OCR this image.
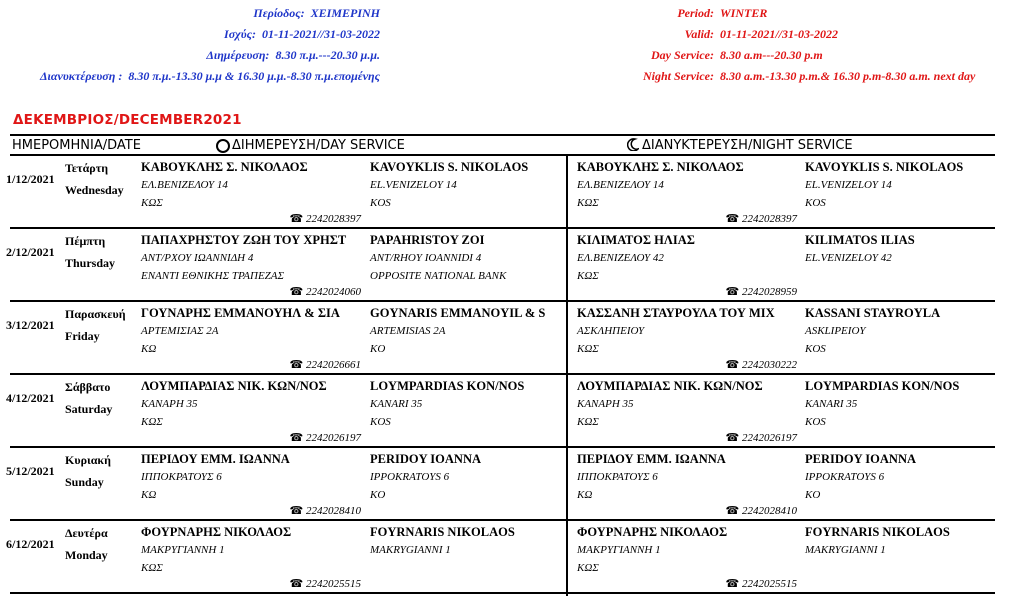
Περίοδος: ΧΕΙΜΕΡΙΝΗ
Ισχύς: 01-11-2021//31-03-2022
Διημέρευση: 8.30 π.μ.---20.30 μ.μ.
Διανυκτέρευση : 8.30 π.μ.-13.30 μ.μ & 16.30 μ.μ.-8.30 π.μ.επομένης
Period: WINTER
Valid: 01-11-2021//31-03-2022
Day Service: 8.30 a.m---20.30 p.m
Night Service: 8.30 a.m.-13.30 p.m.& 16.30 p.m-8.30 a.m. next day
ΔΕΚΕΜΒΡΙΟΣ/DECEMBER2021
ΗΜΕΡΟΜΗΝΙΑ/DATE	ΔΙΗΜΕΡΕΥΣΗ/DAY SERVICE	ΔΙΑΝΥΚΤΕΡΕΥΣΗ/NIGHT SERVICE
1/12/2021
Τετάρτη
Wednesday
ΚΑΒΟΥΚΛΗΣ Σ. ΝΙΚΟΛΑΟΣ
ΕΛ.ΒΕΝΙΖΕΛΟΥ 14
ΚΩΣ
KAVOYKLIS S. NIKOLAOS
EL.VENIZELOY 14
KOS
☎ 2242028397
ΚΑΒΟΥΚΛΗΣ Σ. ΝΙΚΟΛΑΟΣ
ΕΛ.ΒΕΝΙΖΕΛΟΥ 14
ΚΩΣ
KAVOYKLIS S. NIKOLAOS
EL.VENIZELOY 14
KOS
☎ 2242028397
2/12/2021
Πέμπτη
Thursday
ΠΑΠΑΧΡΗΣΤΟΥ ΖΩΗ ΤΟΥ ΧΡΗΣΤ
ΑΝΤ/ΡΧΟΥ ΙΩΑΝΝΙΔΗ 4
ΕΝΑΝΤΙ ΕΘΝΙΚΗΣ ΤΡΑΠΕΖΑΣ
PAPAHRISTOY ZOI
ANT/RHOY IOANNIDI 4
OPPOSITE NATIONAL BANK
☎ 2242024060
ΚΙΛΙΜΑΤΟΣ ΗΛΙΑΣ
ΕΛ.ΒΕΝΙΖΕΛΟΥ 42
ΚΩΣ
KILIMATOS ILIAS
EL.VENIZELOY 42
☎ 2242028959
3/12/2021
Παρασκευή
Friday
ΓΟΥΝΑΡΗΣ ΕΜΜΑΝΟΥΗΛ & ΣΙΑ
ΑΡΤΕΜΙΣΙΑΣ 2Α
ΚΩ
GOYNARIS EMMANOYIL & S
ARTEMISIAS 2A
KO
☎ 2242026661
ΚΑΣΣΑΝΗ ΣΤΑΥΡΟΥΛΑ ΤΟΥ ΜΙΧ
ΑΣΚΛΗΠΕΙΟΥ
ΚΩΣ
KASSANI STAYROYLA
ASKLIPEIOY
KOS
☎ 2242030222
4/12/2021
Σάββατο
Saturday
ΛΟΥΜΠΑΡΔΙΑΣ ΝΙΚ. ΚΩΝ/ΝΟΣ
ΚΑΝΑΡΗ 35
ΚΩΣ
LOYMPARDIAS KON/NOS
KANARI 35
KOS
☎ 2242026197
ΛΟΥΜΠΑΡΔΙΑΣ ΝΙΚ. ΚΩΝ/ΝΟΣ
ΚΑΝΑΡΗ 35
ΚΩΣ
LOYMPARDIAS KON/NOS
KANARI 35
KOS
☎ 2242026197
5/12/2021
Κυριακή
Sunday
ΠΕΡΙΔΟΥ ΕΜΜ. ΙΩΑΝΝΑ
ΙΠΠΟΚΡΑΤΟΥΣ 6
ΚΩ
PERIDOY IOANNA
IPPOKRATOYS 6
KO
☎ 2242028410
ΠΕΡΙΔΟΥ ΕΜΜ. ΙΩΑΝΝΑ
ΙΠΠΟΚΡΑΤΟΥΣ 6
ΚΩ
PERIDOY IOANNA
IPPOKRATOYS 6
KO
☎ 2242028410
6/12/2021
Δευτέρα
Monday
ΦΟΥΡΝΑΡΗΣ ΝΙΚΟΛΑΟΣ
ΜΑΚΡΥΓΙΑΝΝΗ 1
ΚΩΣ
FOYRNARIS NIKOLAOS
MAKRYGIANNI 1
☎ 2242025515
ΦΟΥΡΝΑΡΗΣ ΝΙΚΟΛΑΟΣ
ΜΑΚΡΥΓΙΑΝΝΗ 1
ΚΩΣ
FOYRNARIS NIKOLAOS
MAKRYGIANNI 1
☎ 2242025515
